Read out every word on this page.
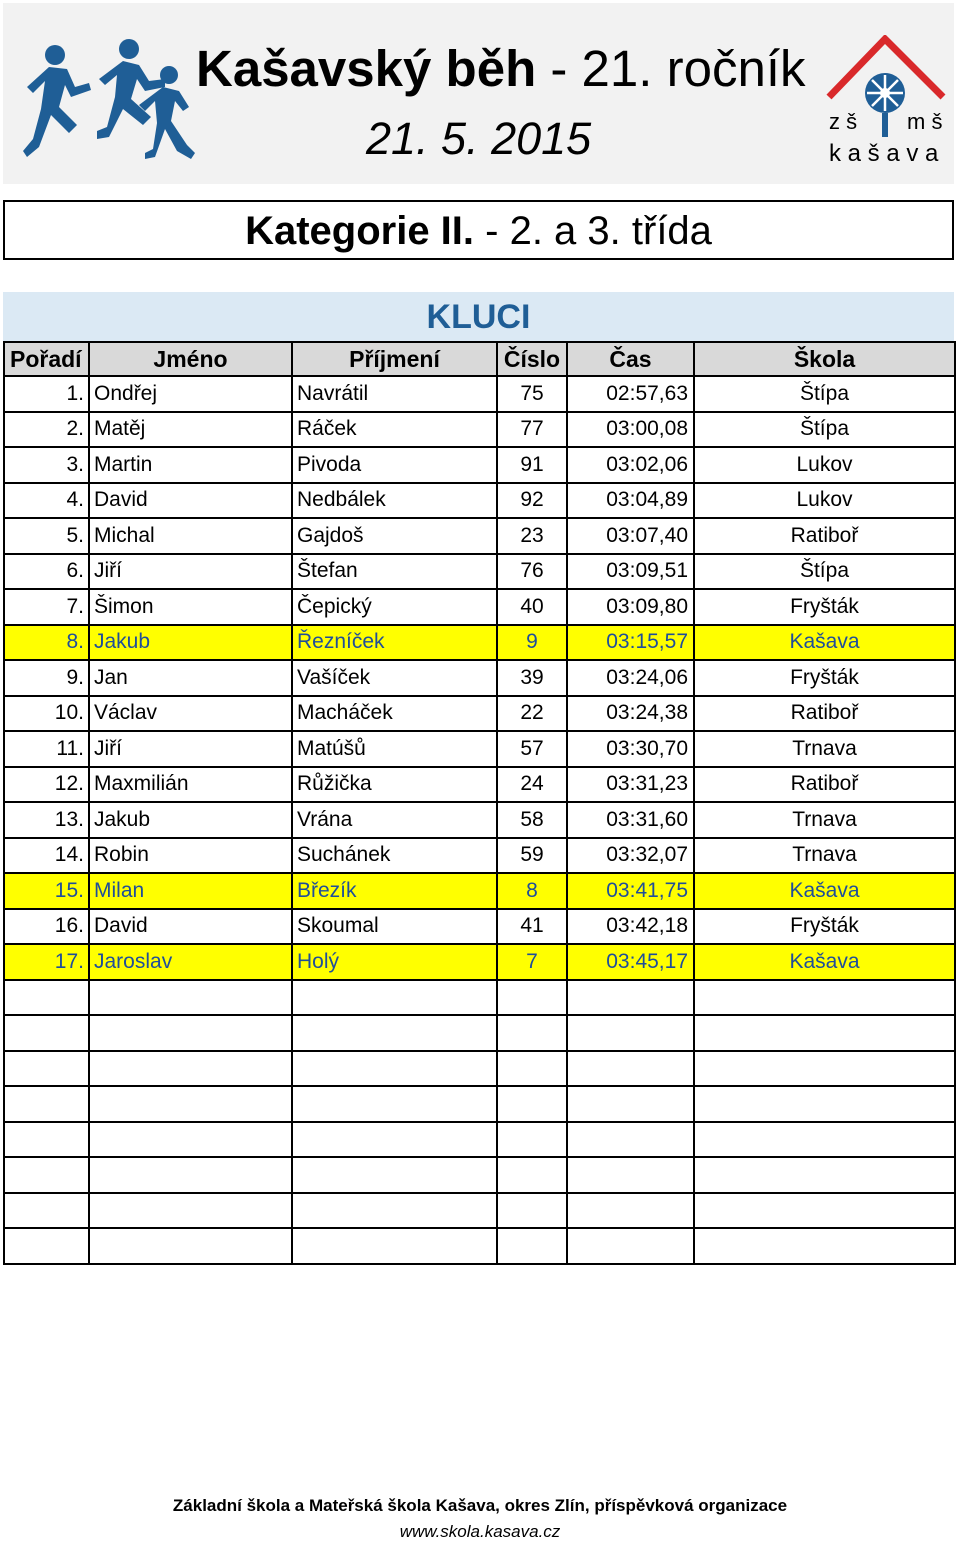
Kašavský běh - 21. ročník
21. 5. 2015	z š m š
k a š a v a
Kategorie II. - 2. a 3. třída
KLUCI
Pořadí	Jméno	Příjmení	Číslo	Čas	Škola
1.	Ondřej	Navrátil	75	02:57,63	Štípa
2.	Matěj	Ráček	77	03:00,08	Štípa
3.	Martin	Pivoda	91	03:02,06	Lukov
4.	David	Nedbálek	92	03:04,89	Lukov
5.	Michal	Gajdoš	23	03:07,40	Ratiboř
6.	Jiří	Štefan	76	03:09,51	Štípa
7.	Šimon	Čepický	40	03:09,80	Fryšták
8.	Jakub	Řezníček	9	03:15,57	Kašava
9.	Jan	Vašíček	39	03:24,06	Fryšták
10.	Václav	Macháček	22	03:24,38	Ratiboř
11.	Jiří	Matúšů	57	03:30,70	Trnava
12.	Maxmilián	Růžička	24	03:31,23	Ratiboř
13.	Jakub	Vrána	58	03:31,60	Trnava
14.	Robin	Suchánek	59	03:32,07	Trnava
15.	Milan	Březík	8	03:41,75	Kašava
16.	David	Skoumal	41	03:42,18	Fryšták
17.	Jaroslav	Holý	7	03:45,17	Kašava

Základní škola a Mateřská škola Kašava, okres Zlín, příspěvková organizace
www.skola.kasava.cz
